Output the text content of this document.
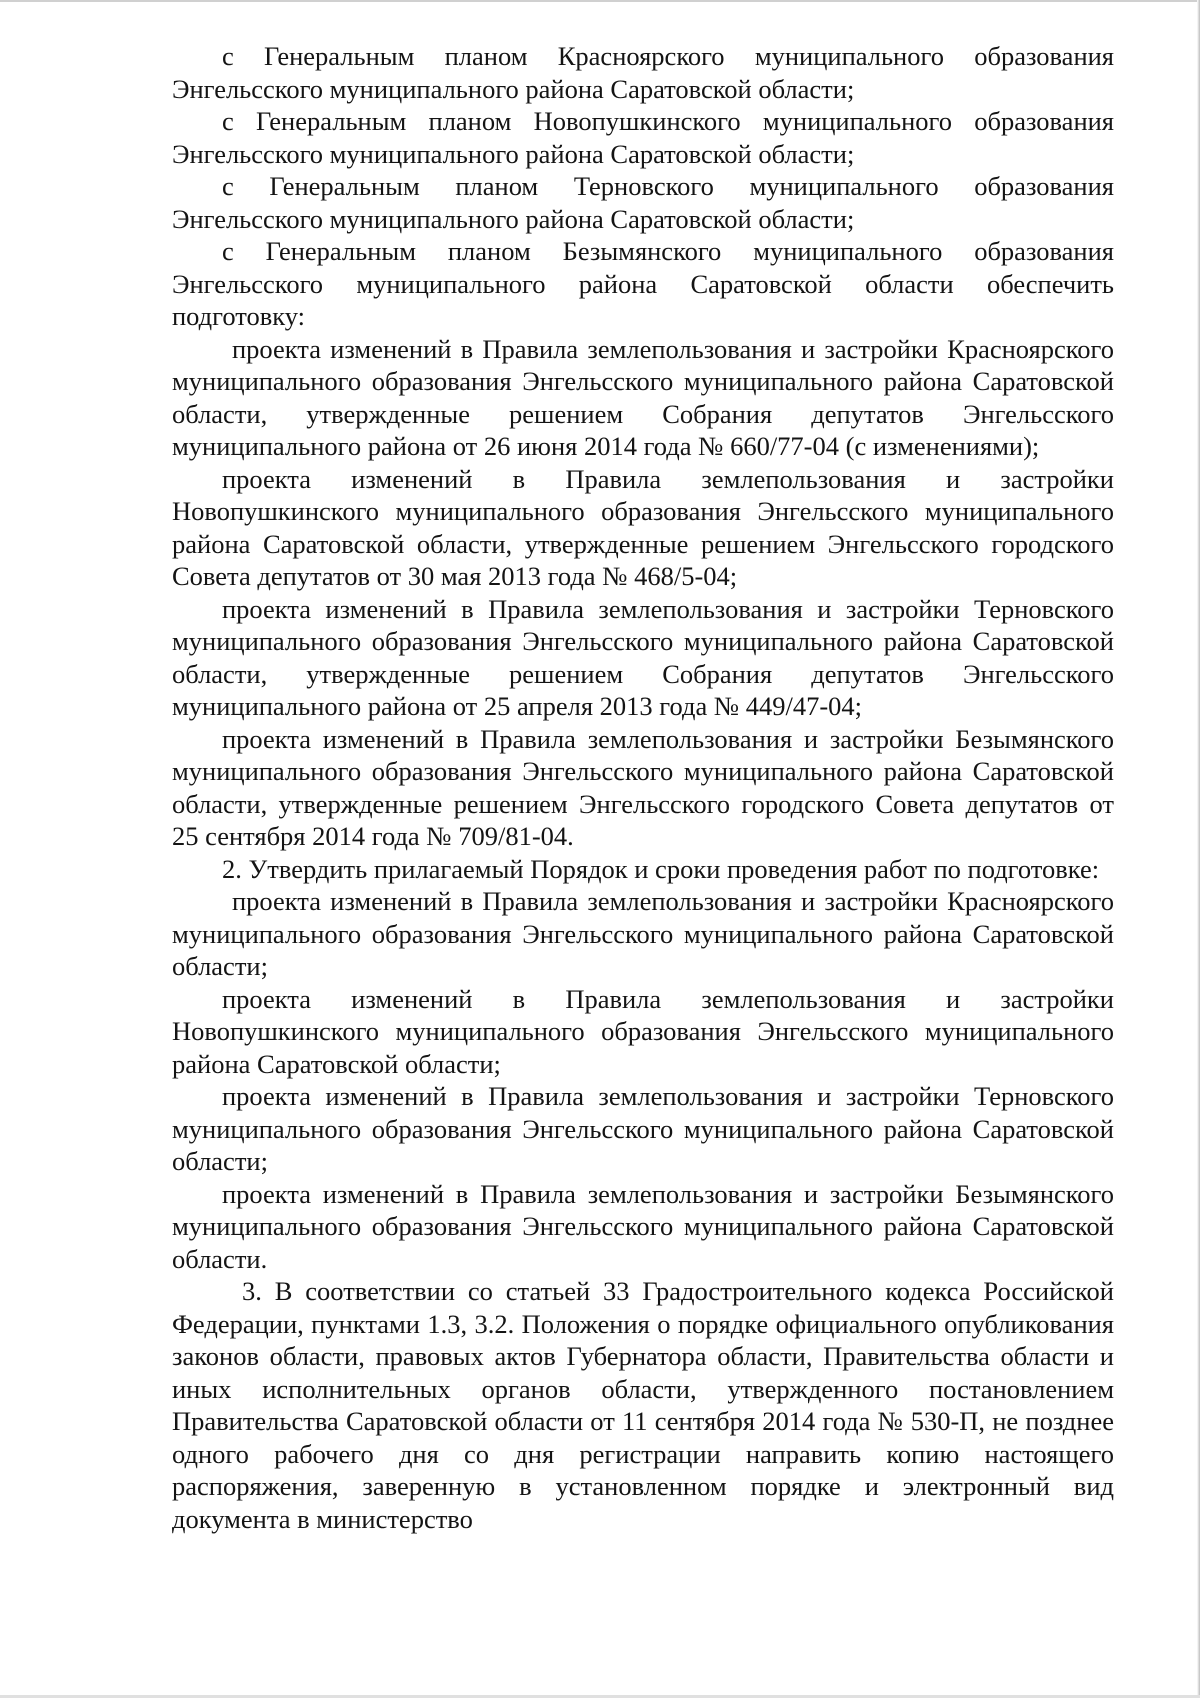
с Генеральным планом Красноярского муниципального образования Энгельсского муниципального района Саратовской области;

с Генеральным планом Новопушкинского муниципального образования Энгельсского муниципального района Саратовской области;

с Генеральным планом Терновского муниципального образования Энгельсского муниципального района Саратовской области;

с Генеральным планом Безымянского муниципального образования Энгельсского муниципального района Саратовской области обеспечить подготовку:

проекта изменений в Правила землепользования и застройки Красноярского муниципального образования Энгельсского муниципального района Саратовской области, утвержденные решением Собрания депутатов Энгельсского муниципального района от 26 июня 2014 года № 660/77-04 (с изменениями);

проекта изменений в Правила землепользования и застройки Новопушкинского муниципального образования Энгельсского муниципального района Саратовской области, утвержденные решением Энгельсского городского Совета депутатов от 30 мая 2013 года № 468/5-04;

проекта изменений в Правила землепользования и застройки Терновского муниципального образования Энгельсского муниципального района Саратовской области, утвержденные решением Собрания депутатов Энгельсского муниципального района от 25 апреля 2013 года № 449/47-04;

проекта изменений в Правила землепользования и застройки Безымянского муниципального образования Энгельсского муниципального района Саратовской области, утвержденные решением Энгельсского городского Совета депутатов от 25 сентября 2014 года № 709/81-04.

2. Утвердить прилагаемый Порядок и сроки проведения работ по подготовке:

проекта изменений в Правила землепользования и застройки Красноярского муниципального образования Энгельсского муниципального района Саратовской области;

проекта изменений в Правила землепользования и застройки Новопушкинского муниципального образования Энгельсского муниципального района Саратовской области;

проекта изменений в Правила землепользования и застройки Терновского муниципального образования Энгельсского муниципального района Саратовской области;

проекта изменений в Правила землепользования и застройки Безымянского муниципального образования Энгельсского муниципального района Саратовской области.

3. В соответствии со статьей 33 Градостроительного кодекса Российской Федерации, пунктами 1.3, 3.2. Положения о порядке официального опубликования законов области, правовых актов Губернатора области, Правительства области и иных исполнительных органов области, утвержденного постановлением Правительства Саратовской области от 11 сентября 2014 года № 530-П, не позднее одного рабочего дня со дня регистрации направить копию настоящего распоряжения, заверенную в установленном порядке и электронный вид документа в министерство
